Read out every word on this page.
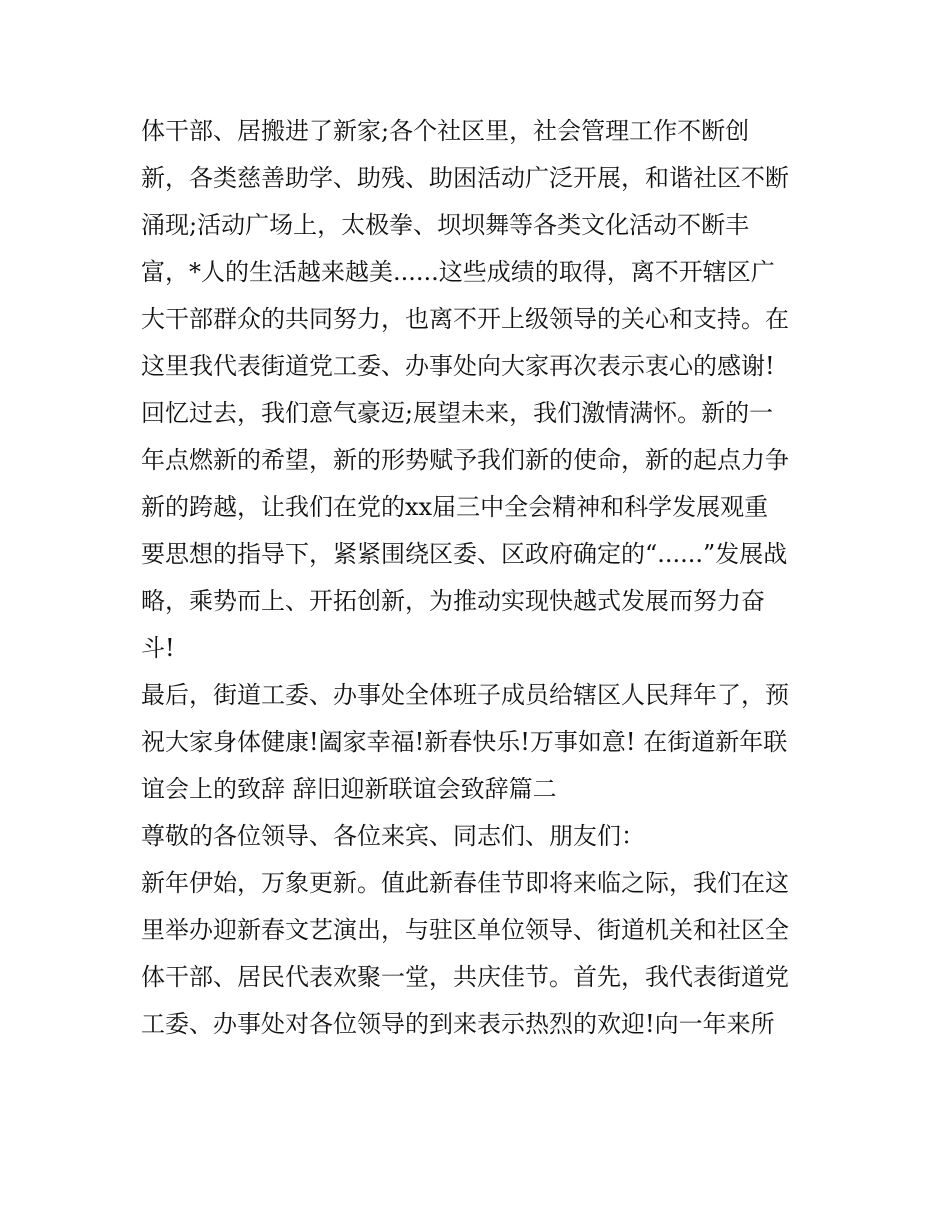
体干部、居搬进了新家;各个社区里，社会管理工作不断创
新，各类慈善助学、助残、助困活动广泛开展，和谐社区不断
涌现;活动广场上，太极拳、坝坝舞等各类文化活动不断丰
富，*人的生活越来越美......这些成绩的取得，离不开辖区广
大干部群众的共同努力，也离不开上级领导的关心和支持。在
这里我代表街道党工委、办事处向大家再次表示衷心的感谢!
回忆过去，我们意气豪迈;展望未来，我们激情满怀。新的一
年点燃新的希望，新的形势赋予我们新的使命，新的起点力争
新的跨越，让我们在党的xx届三中全会精神和科学发展观重
要思想的指导下，紧紧围绕区委、区政府确定的“......”发展战
略，乘势而上、开拓创新，为推动实现快越式发展而努力奋
斗!
最后，街道工委、办事处全体班子成员给辖区人民拜年了，预
祝大家身体健康!阖家幸福!新春快乐!万事如意! 在街道新年联
谊会上的致辞 辞旧迎新联谊会致辞篇二
尊敬的各位领导、各位来宾、同志们、朋友们：
新年伊始，万象更新。值此新春佳节即将来临之际，我们在这
里举办迎新春文艺演出，与驻区单位领导、街道机关和社区全
体干部、居民代表欢聚一堂，共庆佳节。首先，我代表街道党
工委、办事处对各位领导的到来表示热烈的欢迎!向一年来所
